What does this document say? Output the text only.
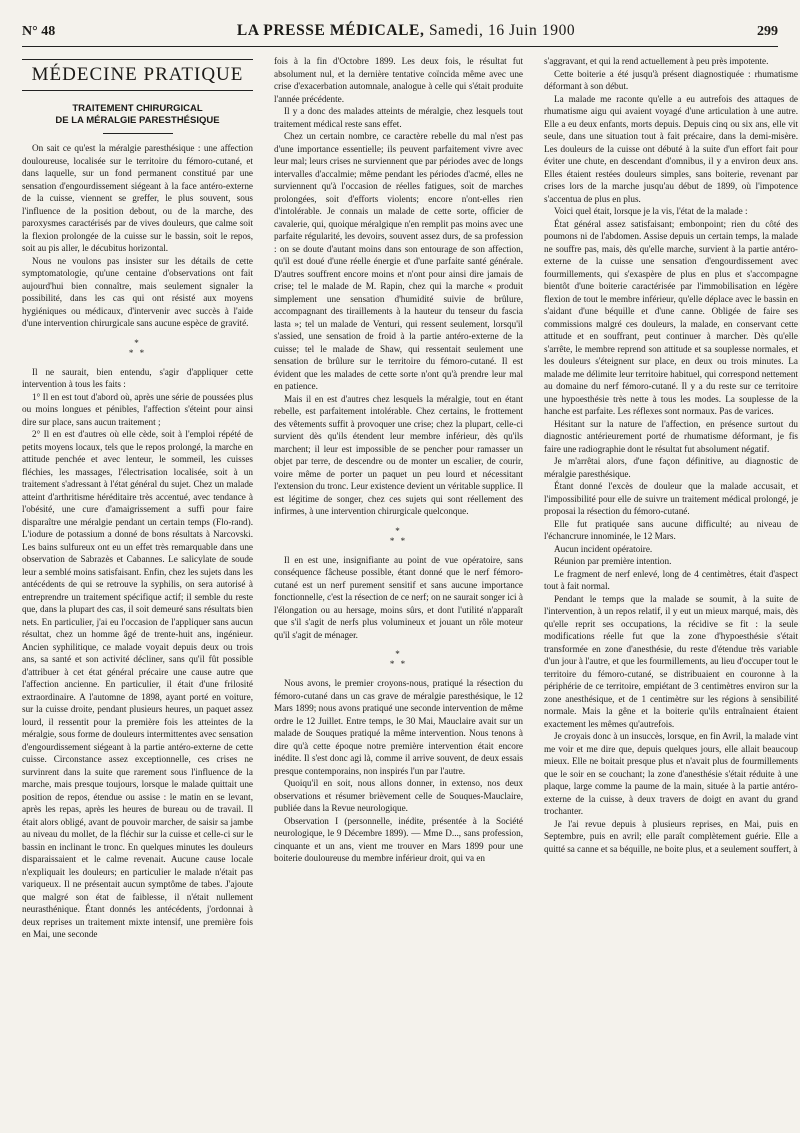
N° 48	LA PRESSE MÉDICALE, Samedi, 16 Juin 1900	299
MÉDECINE PRATIQUE
TRAITEMENT CHIRURGICAL
DE LA MÉRALGIE PARESTHÉSIQUE

On sait ce qu'est la méralgie paresthésique : une affection douloureuse, localisée sur le territoire du fémoro-cutané, et dans laquelle, sur un fond permanent constitué par une sensation d'engourdissement siégeant à la face antéro-externe de la cuisse, viennent se greffer, le plus souvent, sous l'influence de la position debout, ou de la marche, des paroxysmes caractérisés par de vives douleurs, que calme soit la flexion prolongée de la cuisse sur le bassin, soit le repos, soit au pis aller, le décubitus horizontal.

Nous ne voulons pas insister sur les détails de cette symptomatologie, qu'une centaine d'observations ont fait aujourd'hui bien connaître, mais seulement signaler la possibilité, dans les cas qui ont résisté aux moyens hygiéniques ou médicaux, d'intervenir avec succès à l'aide d'une intervention chirurgicale sans aucune espèce de gravité.

*
* *

Il ne saurait, bien entendu, s'agir d'appliquer cette intervention à tous les faits :

1° Il en est tout d'abord où, après une série de poussées plus ou moins longues et pénibles, l'affection s'éteint pour ainsi dire sur place, sans aucun traitement ;

2° Il en est d'autres où elle cède, soit à l'emploi répété de petits moyens locaux, tels que le repos prolongé, la marche en attitude penchée et avec lenteur, le sommeil, les cuisses fléchies, les massages, l'électrisation localisée, soit à un traitement s'adressant à l'état général du sujet. Chez un malade atteint d'arthritisme héréditaire très accentué, avec tendance à l'obésité, une cure d'amaigrissement a suffi pour faire disparaître une méralgie pendant un certain temps (Flo-rand). L'iodure de potassium a donné de bons résultats à Narcovski. Les bains sulfureux ont eu un effet très remarquable dans une observation de Sabrazès et Cabannes. Le salicylate de soude leur a semblé moins satisfaisant. Enfin, chez les sujets dans les antécédents de qui se retrouve la syphilis, on sera autorisé à entreprendre un traitement spécifique actif; il semble du reste que, dans la plupart des cas, il soit demeuré sans résultats bien nets. En particulier, j'ai eu l'occasion de l'appliquer sans aucun résultat, chez un homme âgé de trente-huit ans, ingénieur. Ancien syphilitique, ce malade voyait depuis deux ou trois ans, sa santé et son activité décliner, sans qu'il fût possible d'attribuer à cet état général précaire une cause autre que l'affection ancienne. En particulier, il était d'une frilosité extraordinaire. A l'automne de 1898, ayant porté en voiture, sur la cuisse droite, pendant plusieurs heures, un paquet assez lourd, il ressentit pour la première fois les atteintes de la méralgie, sous forme de douleurs intermittentes avec sensation d'engourdissement siégeant à la partie antéro-externe de cette cuisse. Circonstance assez exceptionnelle, ces crises ne survinrent dans la suite que rarement sous l'influence de la marche, mais presque toujours, lorsque le malade quittait une position de repos, étendue ou assise : le matin en se levant, après les repas, après les heures de bureau ou de travail. Il était alors obligé, avant de pouvoir marcher, de saisir sa jambe au niveau du mollet, de la fléchir sur la cuisse et celle-ci sur le bassin en inclinant le tronc. En quelques minutes les douleurs disparaissaient et le calme revenait. Aucune cause locale n'expliquait les douleurs; en particulier le malade n'était pas variqueux. Il ne présentait aucun symptôme de tabes. J'ajoute que malgré son état de faiblesse, il n'était nullement neurasthénique. Étant donnés les antécédents, j'ordonnai à deux reprises un traitement mixte intensif, une première fois en Mai, une seconde

fois à la fin d'Octobre 1899. Les deux fois, le résultat fut absolument nul, et la dernière tentative coïncida même avec une crise d'exacerbation automnale, analogue à celle qui s'était produite l'année précédente.

Il y a donc des malades atteints de méralgie, chez lesquels tout traitement médical reste sans effet.

Chez un certain nombre, ce caractère rebelle du mal n'est pas d'une importance essentielle; ils peuvent parfaitement vivre avec leur mal; leurs crises ne surviennent que par périodes avec de longs intervalles d'accalmie; même pendant les périodes d'acmé, elles ne surviennent qu'à l'occasion de réelles fatigues, soit de marches prolongées, soit d'efforts violents; encore n'ont-elles rien d'intolérable. Je connais un malade de cette sorte, officier de cavalerie, qui, quoique méralgique n'en remplit pas moins avec une parfaite régularité, les devoirs, souvent assez durs, de sa profession : on se doute d'autant moins dans son entourage de son affection, qu'il est doué d'une réelle énergie et d'une parfaite santé générale. D'autres souffrent encore moins et n'ont pour ainsi dire jamais de crise; tel le malade de M. Rapin, chez qui la marche « produit simplement une sensation d'humidité suivie de brûlure, accompagnant des tiraillements à la hauteur du tenseur du fascia lasta »; tel un malade de Venturi, qui ressent seulement, lorsqu'il s'assied, une sensation de froid à la partie antéro-externe de la cuisse; tel le malade de Shaw, qui ressentait seulement une sensation de brûlure sur le territoire du fémoro-cutané. Il est évident que les malades de cette sorte n'ont qu'à prendre leur mal en patience.

Mais il en est d'autres chez lesquels la méralgie, tout en étant rebelle, est parfaitement intolérable. Chez certains, le frottement des vêtements suffit à provoquer une crise; chez la plupart, celle-ci survient dès qu'ils étendent leur membre inférieur, dès qu'ils marchent; il leur est impossible de se pencher pour ramasser un objet par terre, de descendre ou de monter un escalier, de courir, voire même de porter un paquet un peu lourd et nécessitant l'extension du tronc. Leur existence devient un véritable supplice. Il est légitime de songer, chez ces sujets qui sont réellement des infirmes, à une intervention chirurgicale quelconque.

*
* *

Il en est une, insignifiante au point de vue opératoire, sans conséquence fâcheuse possible, étant donné que le nerf fémoro-cutané est un nerf purement sensitif et sans aucune importance fonctionnelle, c'est la résection de ce nerf; on ne saurait songer ici à l'élongation ou au hersage, moins sûrs, et dont l'utilité n'apparaît que s'il s'agit de nerfs plus volumineux et jouant un rôle moteur qu'il s'agit de ménager.

*
* *

Nous avons, le premier croyons-nous, pratiqué la résection du fémoro-cutané dans un cas grave de méralgie paresthésique, le 12 Mars 1899; nous avons pratiqué une seconde intervention de même ordre le 12 Juillet. Entre temps, le 30 Mai, Mauclaire avait sur un malade de Souques pratiqué la même intervention. Nous tenons à dire qu'à cette époque notre première intervention était encore inédite. Il s'est donc agi là, comme il arrive souvent, de deux essais presque contemporains, non inspirés l'un par l'autre.

Quoiqu'il en soit, nous allons donner, in extenso, nos deux observations et résumer brièvement celle de Souques-Mauclaire, publiée dans la Revue neurologique.

Observation I (personnelle, inédite, présentée à la Société neurologique, le 9 Décembre 1899). — Mme D..., sans profession, cinquante et un ans, vient me trouver en Mars 1899 pour une boiterie douloureuse du membre inférieur droit, qui va en

s'aggravant, et qui la rend actuellement à peu près impotente.

Cette boiterie a été jusqu'à présent diagnostiquée : rhumatisme déformant à son début.

La malade me raconte qu'elle a eu autrefois des attaques de rhumatisme aigu qui avaient voyagé d'une articulation à une autre. Elle a eu deux enfants, morts depuis. Depuis cinq ou six ans, elle vit seule, dans une situation tout à fait précaire, dans la demi-misère. Les douleurs de la cuisse ont débuté à la suite d'un effort fait pour éviter une chute, en descendant d'omnibus, il y a environ deux ans. Elles étaient restées douleurs simples, sans boiterie, revenant par crises lors de la marche jusqu'au début de 1899, où l'impotence s'accentua de plus en plus.

Voici quel était, lorsque je la vis, l'état de la malade :

État général assez satisfaisant; embonpoint; rien du côté des poumons ni de l'abdomen. Assise depuis un certain temps, la malade ne souffre pas, mais, dès qu'elle marche, survient à la partie antéro-externe de la cuisse une sensation d'engourdissement avec fourmillements, qui s'exaspère de plus en plus et s'accompagne bientôt d'une boiterie caractérisée par l'immobilisation en légère flexion de tout le membre inférieur, qu'elle déplace avec le bassin en s'aidant d'une béquille et d'une canne. Obligée de faire ses commissions malgré ces douleurs, la malade, en conservant cette attitude et en souffrant, peut continuer à marcher. Dès qu'elle s'arrête, le membre reprend son attitude et sa souplesse normales, et les douleurs s'éteignent sur place, en deux ou trois minutes. La malade me délimite leur territoire habituel, qui correspond nettement au domaine du nerf fémoro-cutané. Il y a du reste sur ce territoire une hypoesthésie très nette à tous les modes. La souplesse de la hanche est parfaite. Les réflexes sont normaux. Pas de varices.

Hésitant sur la nature de l'affection, en présence surtout du diagnostic antérieurement porté de rhumatisme déformant, je fis faire une radiographie dont le résultat fut absolument négatif.

Je m'arrêtai alors, d'une façon définitive, au diagnostic de méralgie paresthésique.

Étant donné l'excès de douleur que la malade accusait, et l'impossibilité pour elle de suivre un traitement médical prolongé, je proposai la résection du fémoro-cutané.

Elle fut pratiquée sans aucune difficulté; au niveau de l'échancrure innominée, le 12 Mars.

Aucun incident opératoire.

Réunion par première intention.

Le fragment de nerf enlevé, long de 4 centimètres, était d'aspect tout à fait normal.

Pendant le temps que la malade se soumit, à la suite de l'intervention, à un repos relatif, il y eut un mieux marqué, mais, dès qu'elle reprit ses occupations, la récidive se fit : la seule modifications réelle fut que la zone d'hypoesthésie s'était transformée en zone d'anesthésie, du reste d'étendue très variable d'un jour à l'autre, et que les fourmillements, au lieu d'occuper tout le territoire du fémoro-cutané, se distribuaient en couronne à la périphérie de ce territoire, empiétant de 3 centimètres environ sur la zone anesthésique, et de 1 centimètre sur les régions à sensibilité normale. Mais la gêne et la boiterie qu'ils entraînaient étaient exactement les mêmes qu'autrefois.

Je croyais donc à un insuccès, lorsque, en fin Avril, la malade vint me voir et me dire que, depuis quelques jours, elle allait beaucoup mieux. Elle ne boitait presque plus et n'avait plus de fourmillements que le soir en se couchant; la zone d'anesthésie s'était réduite à une plaque, large comme la paume de la main, située à la partie antéro-externe de la cuisse, à deux travers de doigt en avant du grand trochanter.

Je l'ai revue depuis à plusieurs reprises, en Mai, puis en Septembre, puis en avril; elle paraît complètement guérie. Elle a quitté sa canne et sa béquille, ne boite plus, et a seulement souffert, à
